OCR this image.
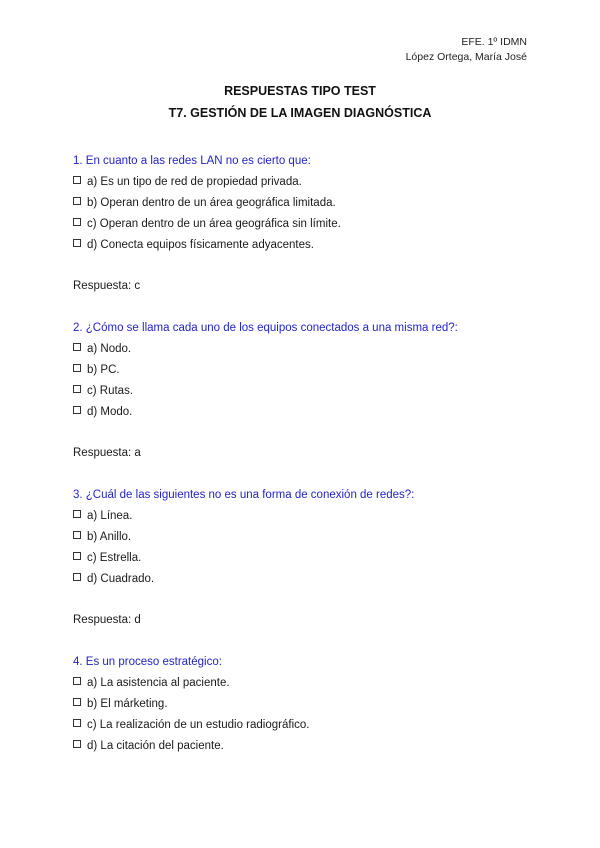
EFE. 1º IDMN
López Ortega, María José
RESPUESTAS TIPO TEST
T7. GESTIÓN DE LA IMAGEN DIAGNÓSTICA
1. En cuanto a las redes LAN no es cierto que:
a) Es un tipo de red de propiedad privada.
b) Operan dentro de un área geográfica limitada.
c) Operan dentro de un área geográfica sin límite.
d) Conecta equipos físicamente adyacentes.
Respuesta: c
2. ¿Cómo se llama cada uno de los equipos conectados a una misma red?:
a) Nodo.
b) PC.
c) Rutas.
d) Modo.
Respuesta: a
3. ¿Cuál de las siguientes no es una forma de conexión de redes?:
a) Línea.
b) Anillo.
c) Estrella.
d) Cuadrado.
Respuesta: d
4. Es un proceso estratégico:
a) La asistencia al paciente.
b) El márketing.
c) La realización de un estudio radiográfico.
d) La citación del paciente.
